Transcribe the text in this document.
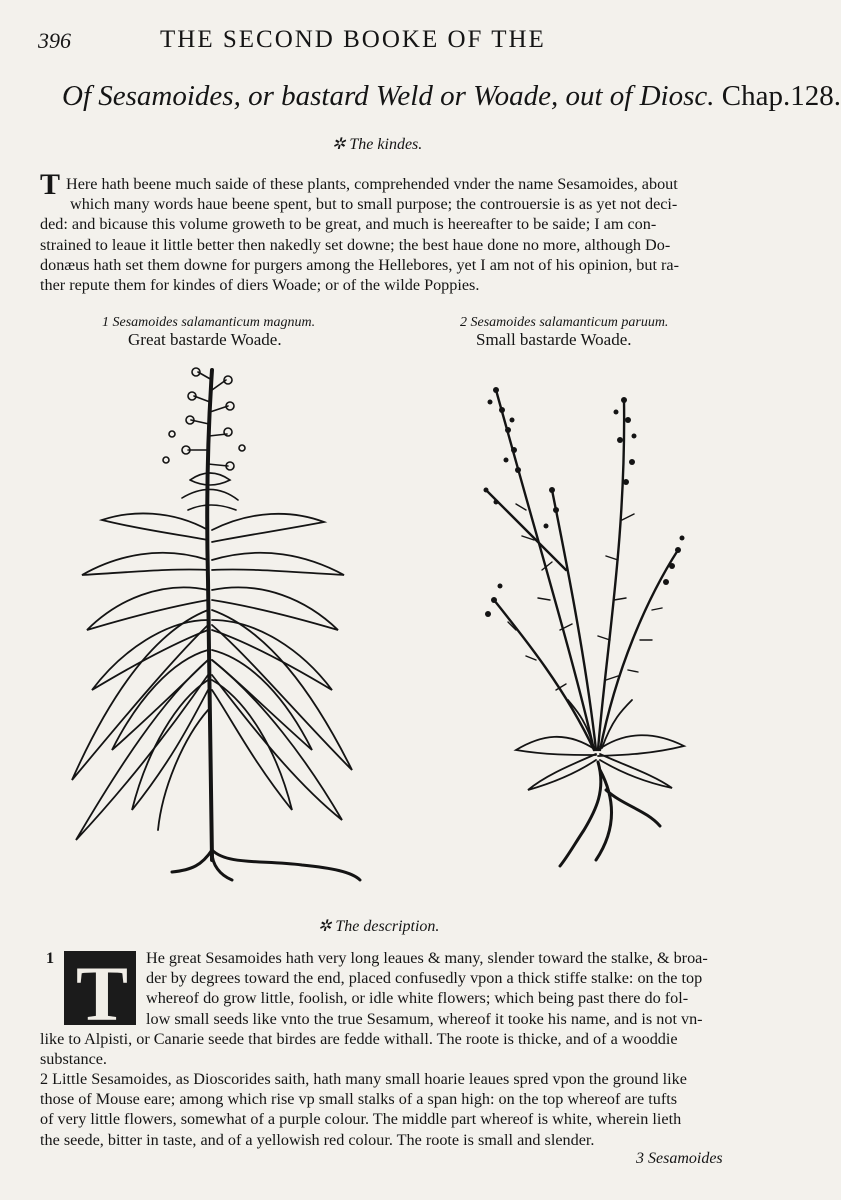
396	THE SECOND BOOKE OF THE
Of Sesamoides, or bastard Weld or Woade, out of Diosc. Chap.128.
✲ The kindes.
T Here hath beene much saide of these plants, comprehended vnder the name Sesamoides, about
which many words haue beene spent, but to small purpose; the controuersie is as yet not deci-
ded: and bicause this volume groweth to be great, and much is heereafter to be saide; I am con-
strained to leaue it little better then nakedly set downe; the best haue done no more, although Do-
donæus hath set them downe for purgers among the Hellebores, yet I am not of his opinion, but ra-
ther repute them for kindes of diers Woade; or of the wilde Poppies.
1 Sesamoides salamanticum magnum.
Great bastarde Woade.
2 Sesamoides salamanticum paruum.
Small bastarde Woade.
✲ The description.
1 T	He great Sesamoides hath very long leaues & many, slender toward the stalke, & broa-
der by degrees toward the end, placed confusedly vpon a thick stiffe stalke: on the top
whereof do grow little, foolish, or idle white flowers; which being past there do fol-
low small seeds like vnto the true Sesamum, whereof it tooke his name, and is not vn-
like to Alpisti, or Canarie seede that birdes are fedde withall. The roote is thicke, and of a wooddie
substance.
2 Little Sesamoides, as Dioscorides saith, hath many small hoarie leaues spred vpon the ground like
those of Mouse eare; among which rise vp small stalks of a span high: on the top whereof are tufts
of very little flowers, somewhat of a purple colour. The middle part whereof is white, wherein lieth
the seede, bitter in taste, and of a yellowish red colour. The roote is small and slender.
3 Sesamoides
